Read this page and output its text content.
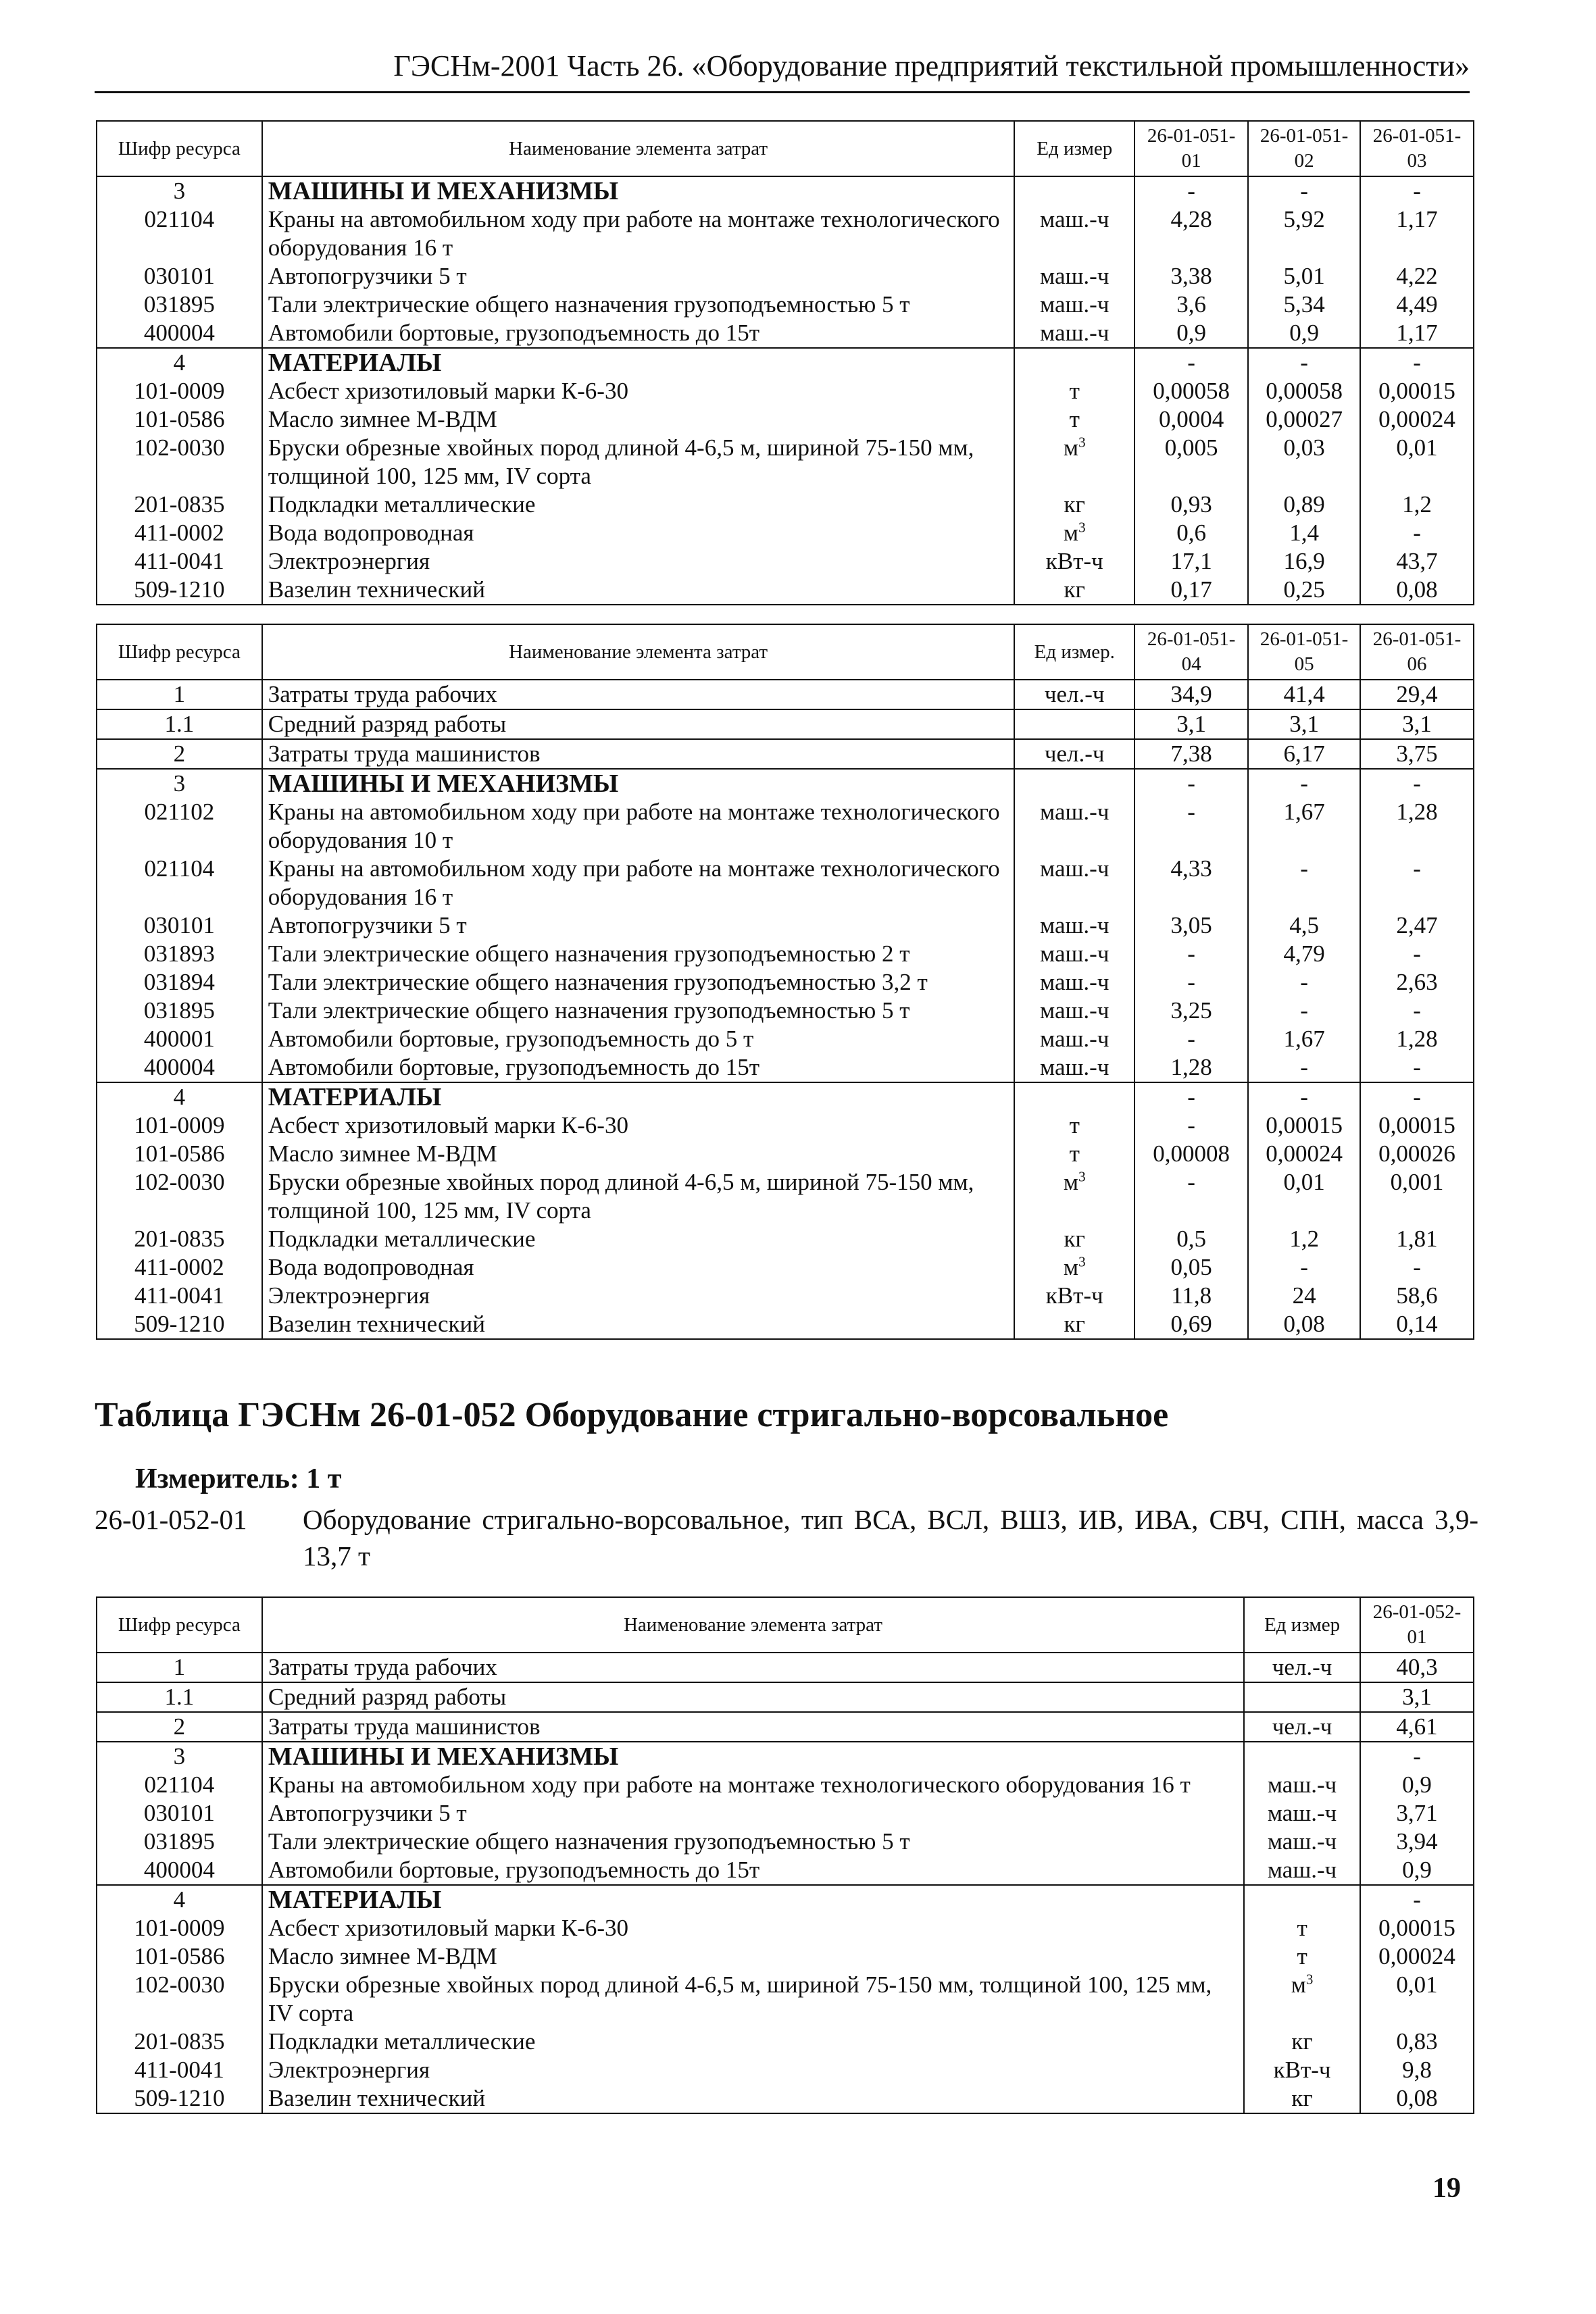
ГЭСНм-2001 Часть 26. «Оборудование предприятий текстильной промышленности»
Шифр ресурса	Наименование элемента затрат	Ед измер	26-01-051-01	26-01-051-02	26-01-051-03
3	МАШИНЫ И МЕХАНИЗМЫ		-	-	-
021104	Краны на автомобильном ходу при работе на монтаже технологического оборудования 16 т	маш.-ч	4,28	5,92	1,17
030101	Автопогрузчики 5 т	маш.-ч	3,38	5,01	4,22
031895	Тали электрические общего назначения грузоподъемностью 5 т	маш.-ч	3,6	5,34	4,49
400004	Автомобили бортовые, грузоподъемность до 15т	маш.-ч	0,9	0,9	1,17
4	МАТЕРИАЛЫ		-	-	-
101-0009	Асбест хризотиловый марки К-6-30	т	0,00058	0,00058	0,00015
101-0586	Масло зимнее М-ВДМ	т	0,0004	0,00027	0,00024
102-0030	Бруски обрезные хвойных пород длиной 4-6,5 м, шириной 75-150 мм, толщиной 100, 125 мм, IV сорта	$м^3$	0,005	0,03	0,01
201-0835	Подкладки металлические	кг	0,93	0,89	1,2
411-0002	Вода водопроводная	$м^3$	0,6	1,4	-
411-0041	Электроэнергия	кВт-ч	17,1	16,9	43,7
509-1210	Вазелин технический	кг	0,17	0,25	0,08
Шифр ресурса	Наименование элемента затрат	Ед измер.	26-01-051-04	26-01-051-05	26-01-051-06
1	Затраты труда рабочих	чел.-ч	34,9	41,4	29,4
1.1	Средний разряд работы		3,1	3,1	3,1
2	Затраты труда машинистов	чел.-ч	7,38	6,17	3,75
3	МАШИНЫ И МЕХАНИЗМЫ		-	-	-
021102	Краны на автомобильном ходу при работе на монтаже технологического оборудования 10 т	маш.-ч	-	1,67	1,28
021104	Краны на автомобильном ходу при работе на монтаже технологического оборудования 16 т	маш.-ч	4,33	-	-
030101	Автопогрузчики 5 т	маш.-ч	3,05	4,5	2,47
031893	Тали электрические общего назначения грузоподъемностью 2 т	маш.-ч	-	4,79	-
031894	Тали электрические общего назначения грузоподъемностью 3,2 т	маш.-ч	-	-	2,63
031895	Тали электрические общего назначения грузоподъемностью 5 т	маш.-ч	3,25	-	-
400001	Автомобили бортовые, грузоподъемность до 5 т	маш.-ч	-	1,67	1,28
400004	Автомобили бортовые, грузоподъемность до 15т	маш.-ч	1,28	-	-
4	МАТЕРИАЛЫ		-	-	-
101-0009	Асбест хризотиловый марки К-6-30	т	-	0,00015	0,00015
101-0586	Масло зимнее М-ВДМ	т	0,00008	0,00024	0,00026
102-0030	Бруски обрезные хвойных пород длиной 4-6,5 м, шириной 75-150 мм, толщиной 100, 125 мм, IV сорта	$м^3$	-	0,01	0,001
201-0835	Подкладки металлические	кг	0,5	1,2	1,81
411-0002	Вода водопроводная	$м^3$	0,05	-	-
411-0041	Электроэнергия	кВт-ч	11,8	24	58,6
509-1210	Вазелин технический	кг	0,69	0,08	0,14
Таблица ГЭСНм 26-01-052 Оборудование стригально-ворсовальное
Измеритель: 1 т
26-01-052-01 Оборудование стригально-ворсовальное, тип ВСА, ВСЛ, ВШЗ, ИВ, ИВА, СВЧ, СПН, масса 3,9-13,7 т
Шифр ресурса	Наименование элемента затрат	Ед измер	26-01-052-01
1	Затраты труда рабочих	чел.-ч	40,3
1.1	Средний разряд работы		3,1
2	Затраты труда машинистов	чел.-ч	4,61
3	МАШИНЫ И МЕХАНИЗМЫ		-
021104	Краны на автомобильном ходу при работе на монтаже технологического оборудования 16 т	маш.-ч	0,9
030101	Автопогрузчики 5 т	маш.-ч	3,71
031895	Тали электрические общего назначения грузоподъемностью 5 т	маш.-ч	3,94
400004	Автомобили бортовые, грузоподъемность до 15т	маш.-ч	0,9
4	МАТЕРИАЛЫ		-
101-0009	Асбест хризотиловый марки К-6-30	т	0,00015
101-0586	Масло зимнее М-ВДМ	т	0,00024
102-0030	Бруски обрезные хвойных пород длиной 4-6,5 м, шириной 75-150 мм, толщиной 100, 125 мм, IV сорта	$м^3$	0,01
201-0835	Подкладки металлические	кг	0,83
411-0041	Электроэнергия	кВт-ч	9,8
509-1210	Вазелин технический	кг	0,08
19
